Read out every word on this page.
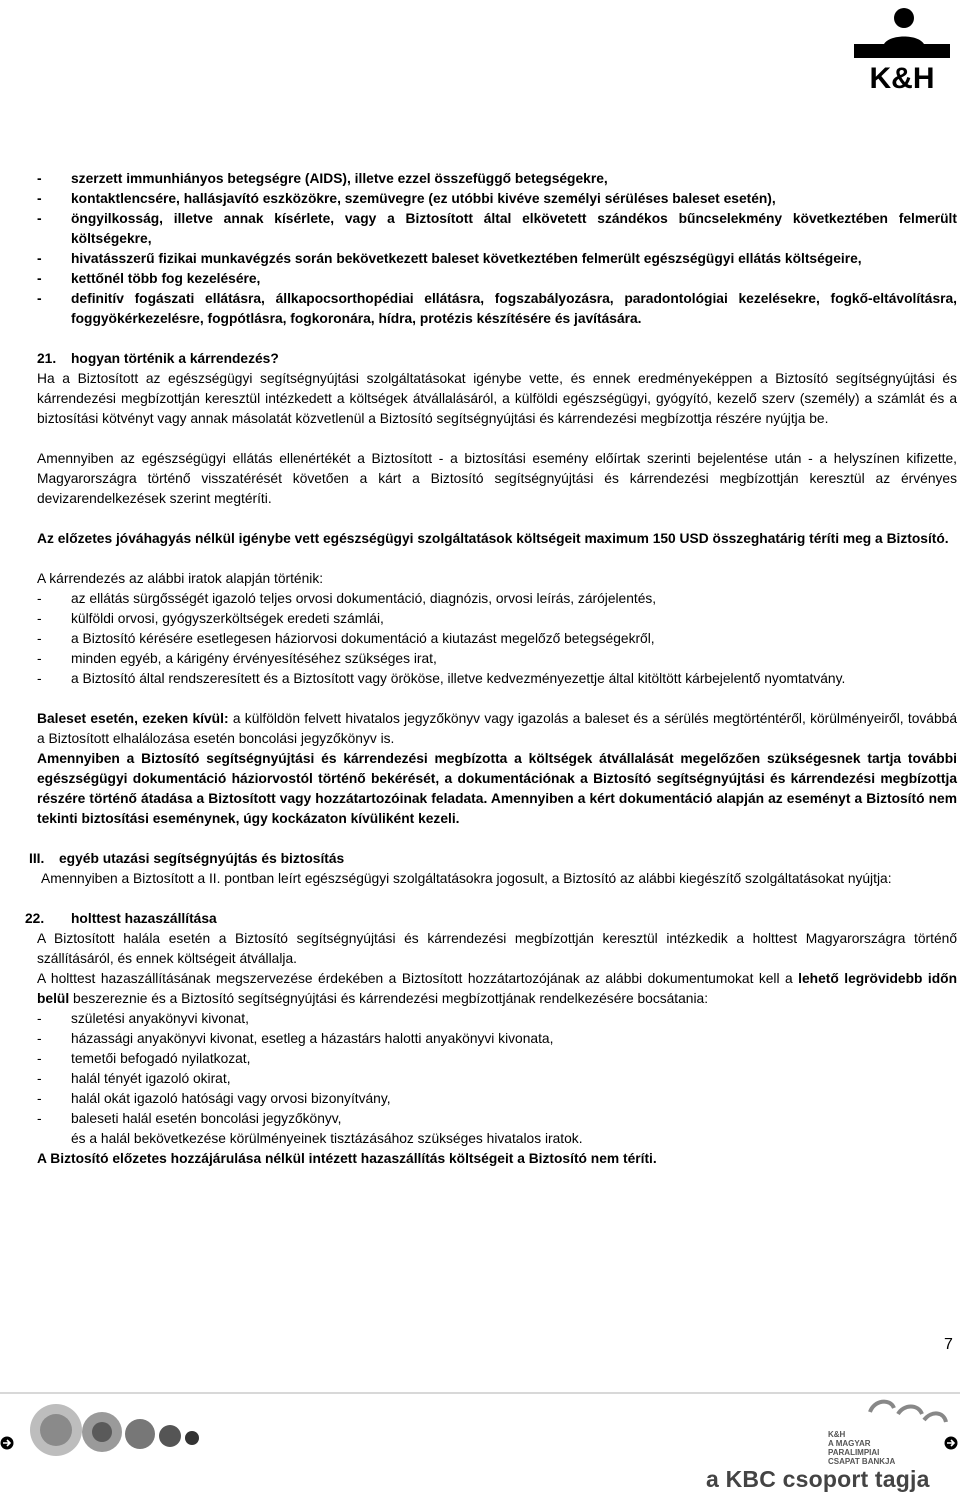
K&H
-	szerzett immunhiányos betegségre (AIDS), illetve ezzel összefüggő betegségekre,
-	kontaktlencsére, hallásjavító eszközökre, szemüvegre (ez utóbbi kivéve személyi sérüléses baleset esetén),
-	öngyilkosság, illetve annak kísérlete, vagy a Biztosított által elkövetett szándékos bűncselekmény következtében felmerült költségekre,
-	hivatásszerű fizikai munkavégzés során bekövetkezett baleset következtében felmerült egészségügyi ellátás költségeire,
-	kettőnél több fog kezelésére,
-	definitív fogászati ellátásra, állkapocsorthopédiai ellátásra, fogszabályozásra, paradontológiai kezelésekre, fogkő-eltávolításra, foggyökérkezelésre, fogpótlásra, fogkoronára, hídra, protézis készítésére és javítására.
21.	hogyan történik a kárrendezés?

Ha a Biztosított az egészségügyi segítségnyújtási szolgáltatásokat igénybe vette, és ennek eredményeképpen a Biztosító segítségnyújtási és kárrendezési megbízottján keresztül intézkedett a költségek átvállalásáról, a külföldi egészségügyi, gyógyító, kezelő szerv (személy) a számlát és a biztosítási kötvényt vagy annak másolatát közvetlenül a Biztosító segítségnyújtási és kárrendezési megbízottja részére nyújtja be.

Amennyiben az egészségügyi ellátás ellenértékét a Biztosított - a biztosítási esemény előírtak szerinti bejelentése után - a helyszínen kifizette, Magyarországra történő visszatérését követően a kárt a Biztosító segítségnyújtási és kárrendezési megbízottján keresztül az érvényes devizarendelkezések szerint megtéríti.

Az előzetes jóváhagyás nélkül igénybe vett egészségügyi szolgáltatások költségeit maximum 150 USD összeghatárig téríti meg a Biztosító.

A kárrendezés az alábbi iratok alapján történik:

-	az ellátás sürgősségét igazoló teljes orvosi dokumentáció, diagnózis, orvosi leírás, zárójelentés,
-	külföldi orvosi, gyógyszerköltségek eredeti számlái,
-	a Biztosító kérésére esetlegesen háziorvosi dokumentáció a kiutazást megelőző betegségekről,
-	minden egyéb, a kárigény érvényesítéséhez szükséges irat,
-	a Biztosító által rendszeresített és a Biztosított vagy örököse, illetve kedvezményezettje által kitöltött kárbejelentő nyomtatvány.

Baleset esetén, ezeken kívül: a külföldön felvett hivatalos jegyzőkönyv vagy igazolás a baleset és a sérülés megtörténtéről, körülményeiről, továbbá a Biztosított elhalálozása esetén boncolási jegyzőkönyv is.

Amennyiben a Biztosító segítségnyújtási és kárrendezési megbízotta a költségek átvállalását megelőzően szükségesnek tartja további egészségügyi dokumentáció háziorvostól történő bekérését, a dokumentációnak a Biztosító segítségnyújtási és kárrendezési megbízottja részére történő átadása a Biztosított vagy hozzátartozóinak feladata. Amennyiben a kért dokumentáció alapján az eseményt a Biztosító nem tekinti biztosítási eseménynek, úgy kockázaton kívüliként kezeli.

III.	egyéb utazási segítségnyújtás és biztosítás

Amennyiben a Biztosított a II. pontban leírt egészségügyi szolgáltatásokra jogosult, a Biztosító az alábbi kiegészítő szolgáltatásokat nyújtja:

22.	holttest hazaszállítása

A Biztosított halála esetén a Biztosító segítségnyújtási és kárrendezési megbízottján keresztül intézkedik a holttest Magyarországra történő szállításáról, és ennek költségeit átvállalja.

A holttest hazaszállításának megszervezése érdekében a Biztosított hozzátartozójának az alábbi dokumentumokat kell a lehető legrövidebb időn belül beszereznie és a Biztosító segítségnyújtási és kárrendezési megbízottjának rendelkezésére bocsátania:

-	születési anyakönyvi kivonat,
-	házassági anyakönyvi kivonat, esetleg a házastárs halotti anyakönyvi kivonata,
-	temetői befogadó nyilatkozat,
-	halál tényét igazoló okirat,
-	halál okát igazoló hatósági vagy orvosi bizonyítvány,
-	baleseti halál esetén boncolási jegyzőkönyv,

és a halál bekövetkezése körülményeinek tisztázásához szükséges hivatalos iratok.

A Biztosító előzetes hozzájárulása nélkül intézett hazaszállítás költségeit a Biztosító nem téríti.

7
K&H
A MAGYAR
PARALIMPIAI
CSAPAT BANKJA
a KBC csoport tagja
